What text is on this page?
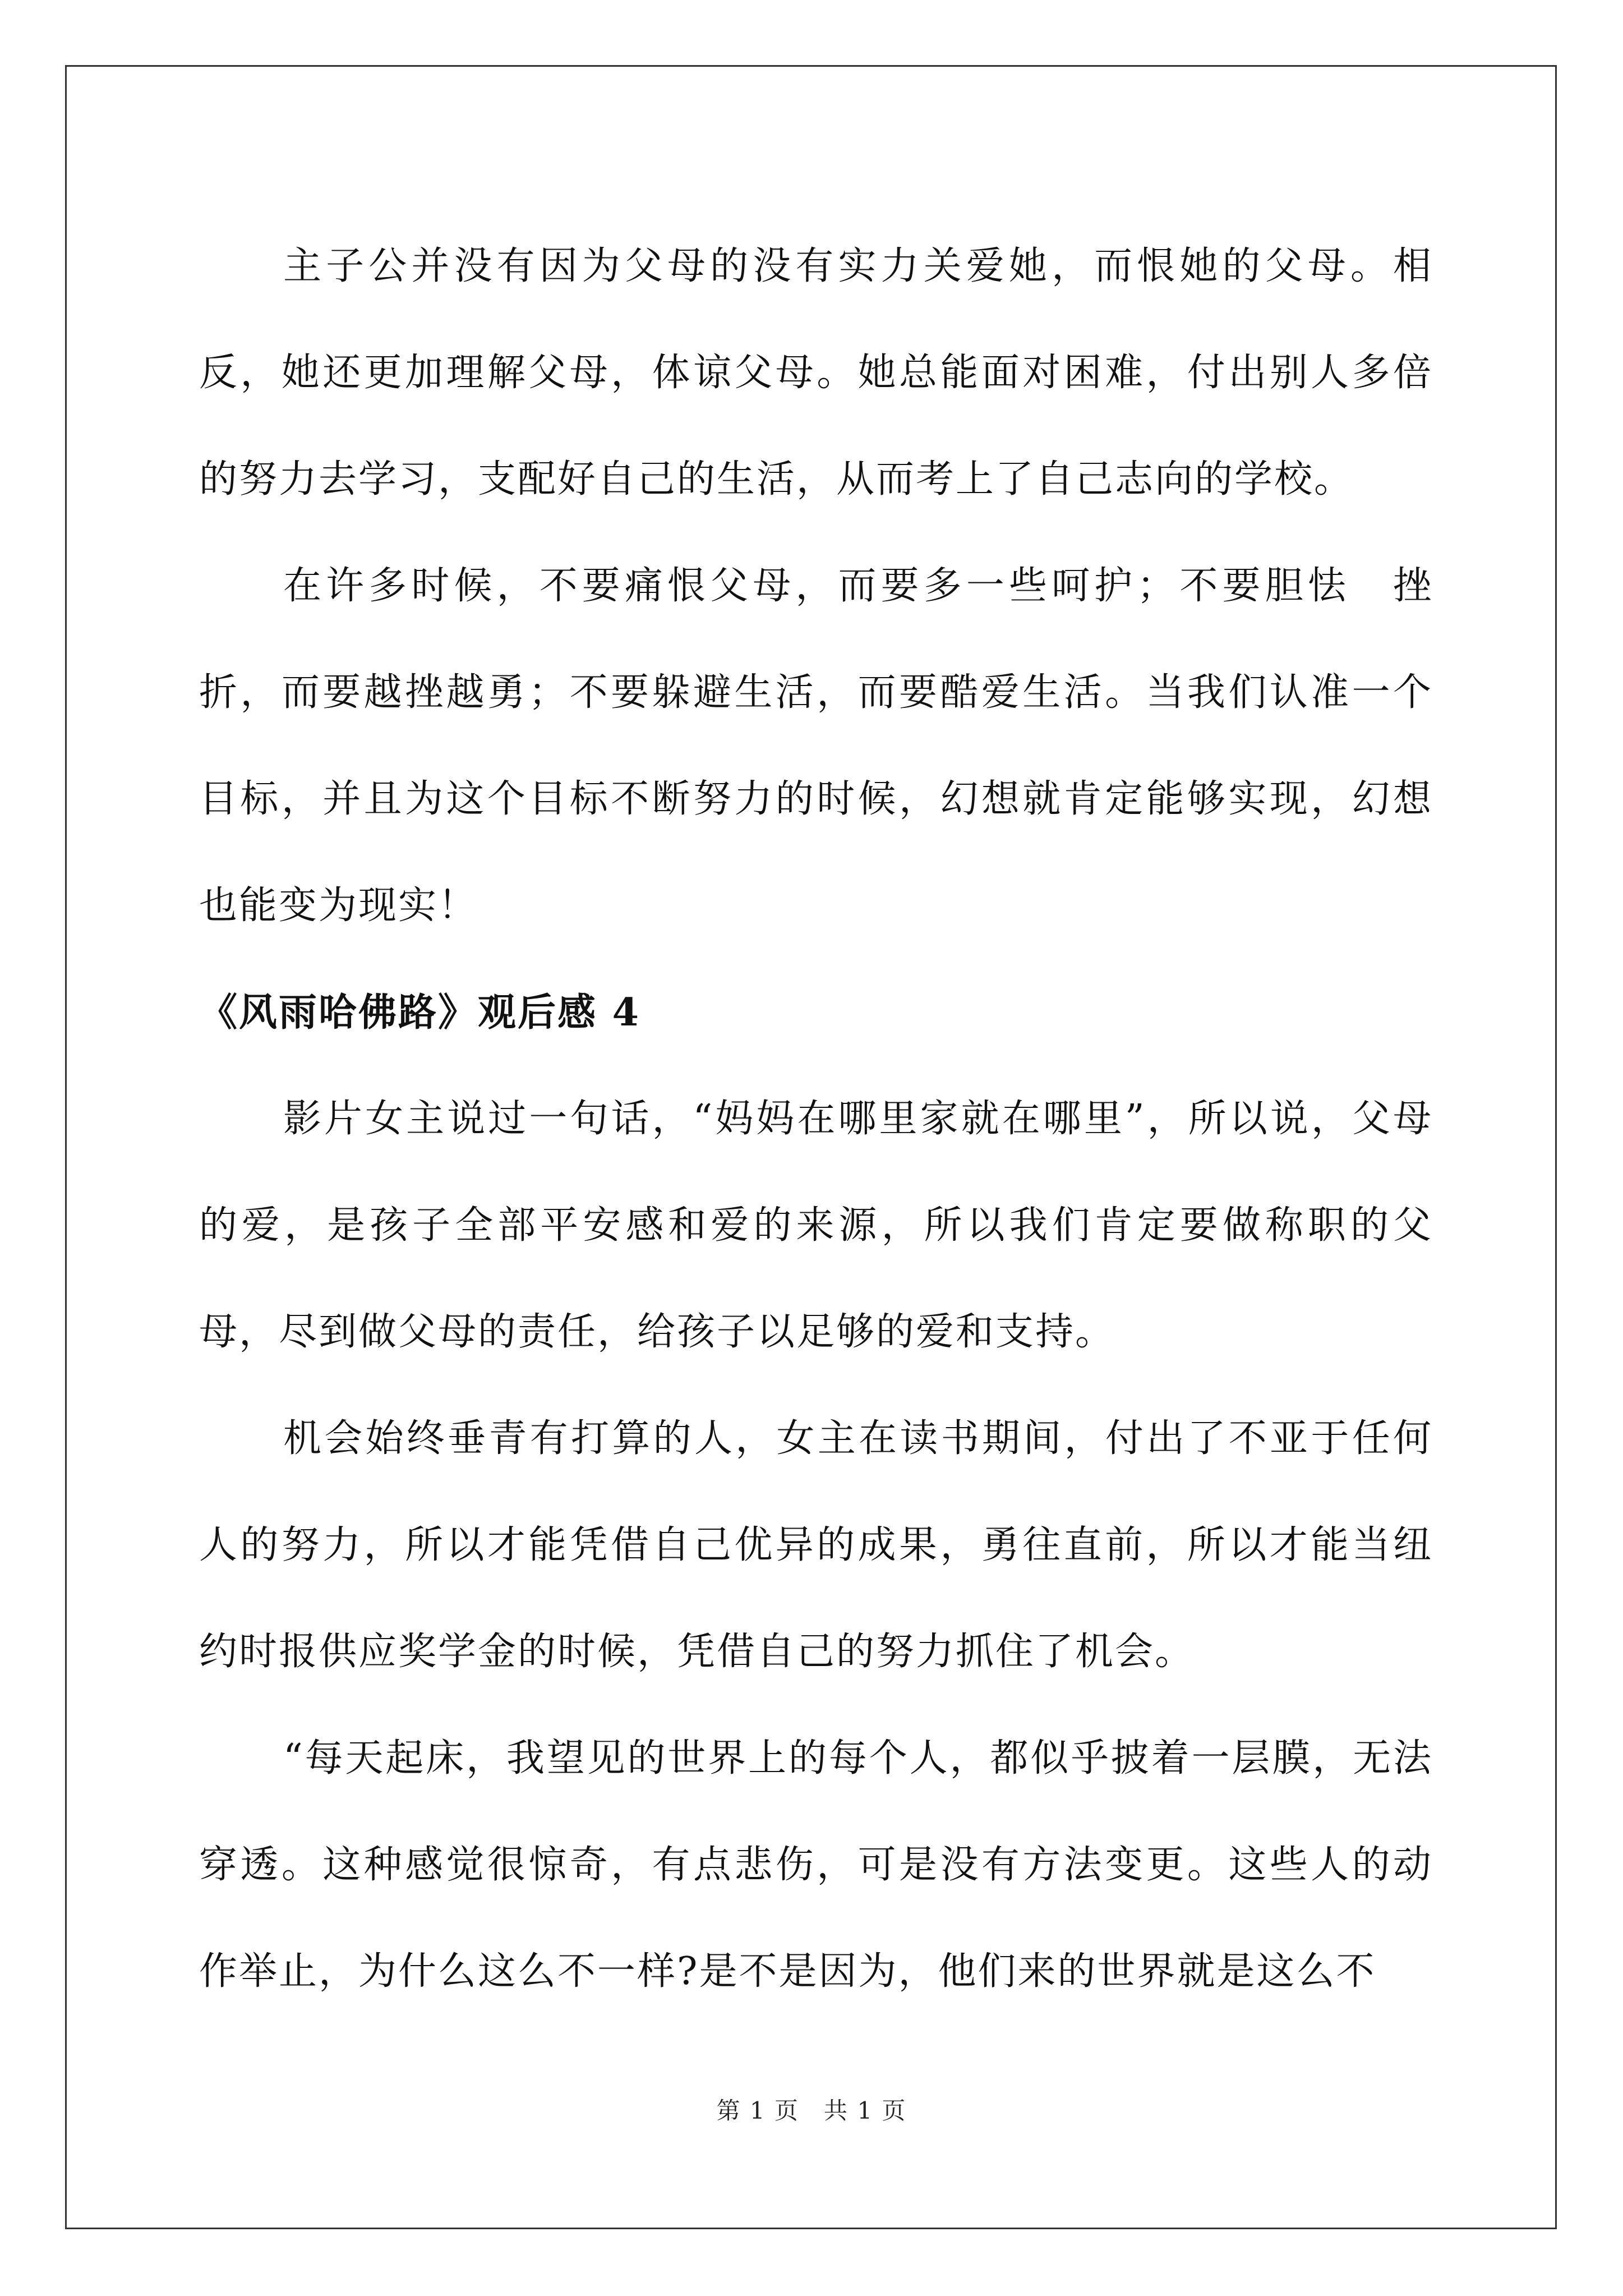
主子公并没有因为父母的没有实力关爱她，而恨她的父母。相反，她还更加理解父母，体谅父母。她总能面对困难，付出别人多倍的努力去学习，支配好自己的生活，从而考上了自己志向的学校。

在许多时候，不要痛恨父母，而要多一些呵护；不要胆怯　挫折，而要越挫越勇；不要躲避生活，而要酷爱生活。当我们认准一个目标，并且为这个目标不断努力的时候，幻想就肯定能够实现，幻想也能变为现实！

《风雨哈佛路》观后感 4

影片女主说过一句话，“妈妈在哪里家就在哪里”，所以说，父母的爱，是孩子全部平安感和爱的来源，所以我们肯定要做称职的父母，尽到做父母的责任，给孩子以足够的爱和支持。

机会始终垂青有打算的人，女主在读书期间，付出了不亚于任何人的努力，所以才能凭借自己优异的成果，勇往直前，所以才能当纽约时报供应奖学金的时候，凭借自己的努力抓住了机会。

“每天起床，我望见的世界上的每个人，都似乎披着一层膜，无法穿透。这种感觉很惊奇，有点悲伤，可是没有方法变更。这些人的动作举止，为什么这么不一样?是不是因为，他们来的世界就是这么不

第 1 页　共 1 页
